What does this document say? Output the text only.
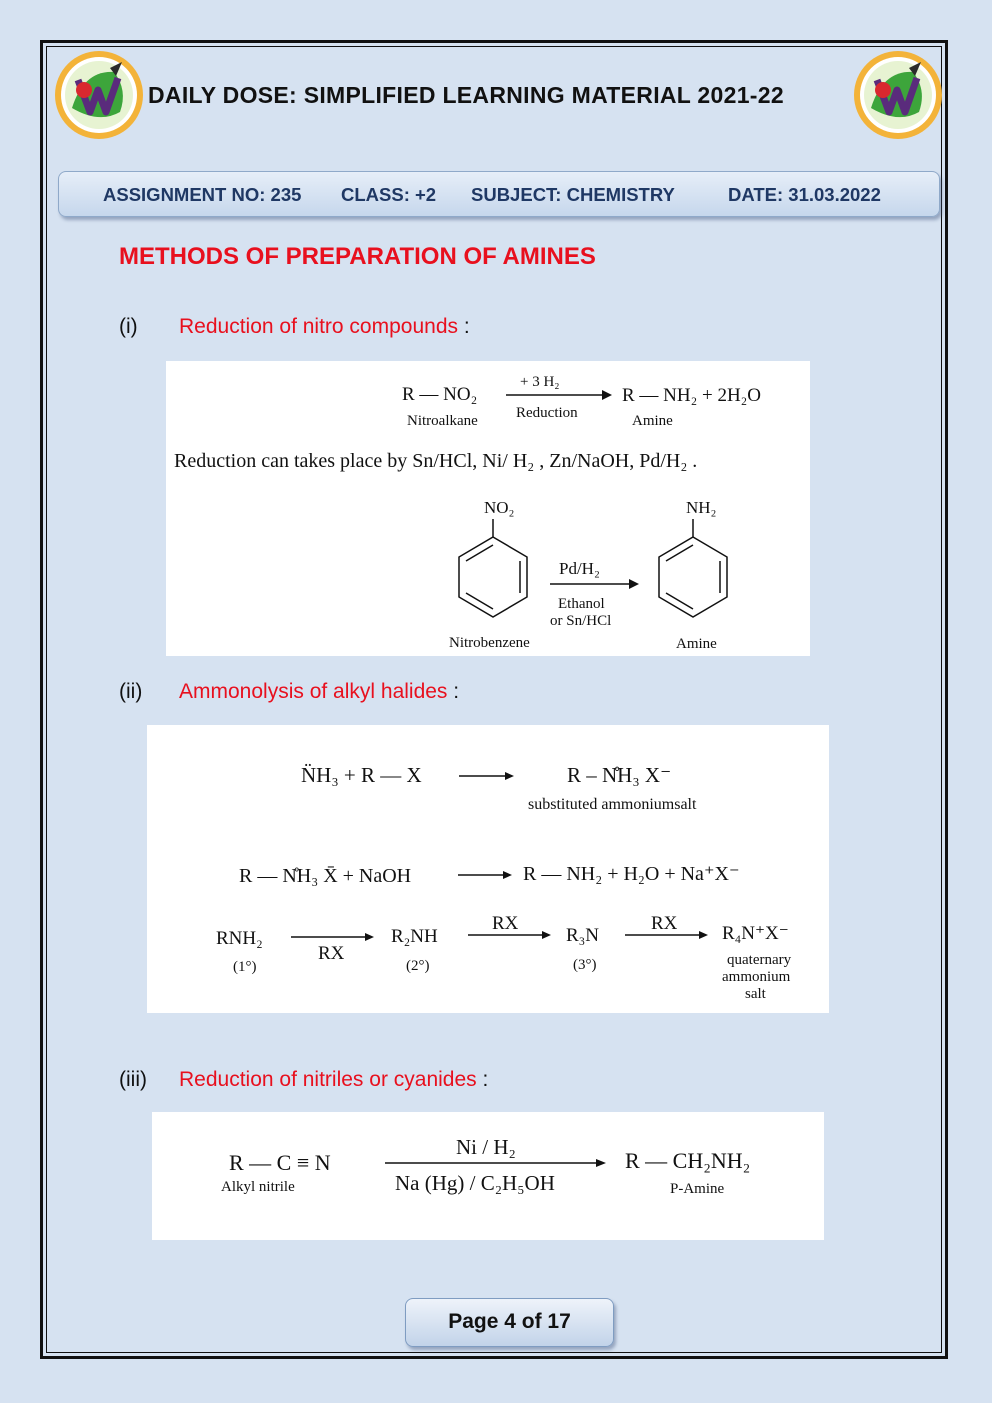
DAILY DOSE: SIMPLIFIED LEARNING MATERIAL 2021-22
ASSIGNMENT NO: 235 CLASS: +2 SUBJECT: CHEMISTRY	DATE: 31.03.2022
METHODS OF PREPARATION OF AMINES
(i) Reduction of nitro compounds :
R — NO₂
Nitroalkane
+ 3 H₂
Reduction
R — NH₂ + 2H₂O
Amine
Reduction can takes place by Sn/HCl, Ni/ H₂ , Zn/NaOH, Pd/H₂ .
NO₂
Nitrobenzene
Pd/H₂
Ethanol
or Sn/HCl
NH₂
Amine
(ii) Ammonolysis of alkyl halides :
N̈H₃ + R — X	R – N̊H₃ X⁻
substituted ammoniumsalt
R — N̊H₃ X̄ + NaOH	R — NH₂ + H₂O + Na⁺X⁻
RNH₂
(1°)
RX
R₂NH
(2°)
RX
R₃N
(3°)
RX R₄N⁺X⁻
quaternary
ammonium
salt
(iii) Reduction of nitriles or cyanides :
R — C ≡ N
Alkyl nitrile
Ni / H₂
Na (Hg) / C₂H₅OH
R — CH₂NH₂
P-Amine
Page 4 of 17
